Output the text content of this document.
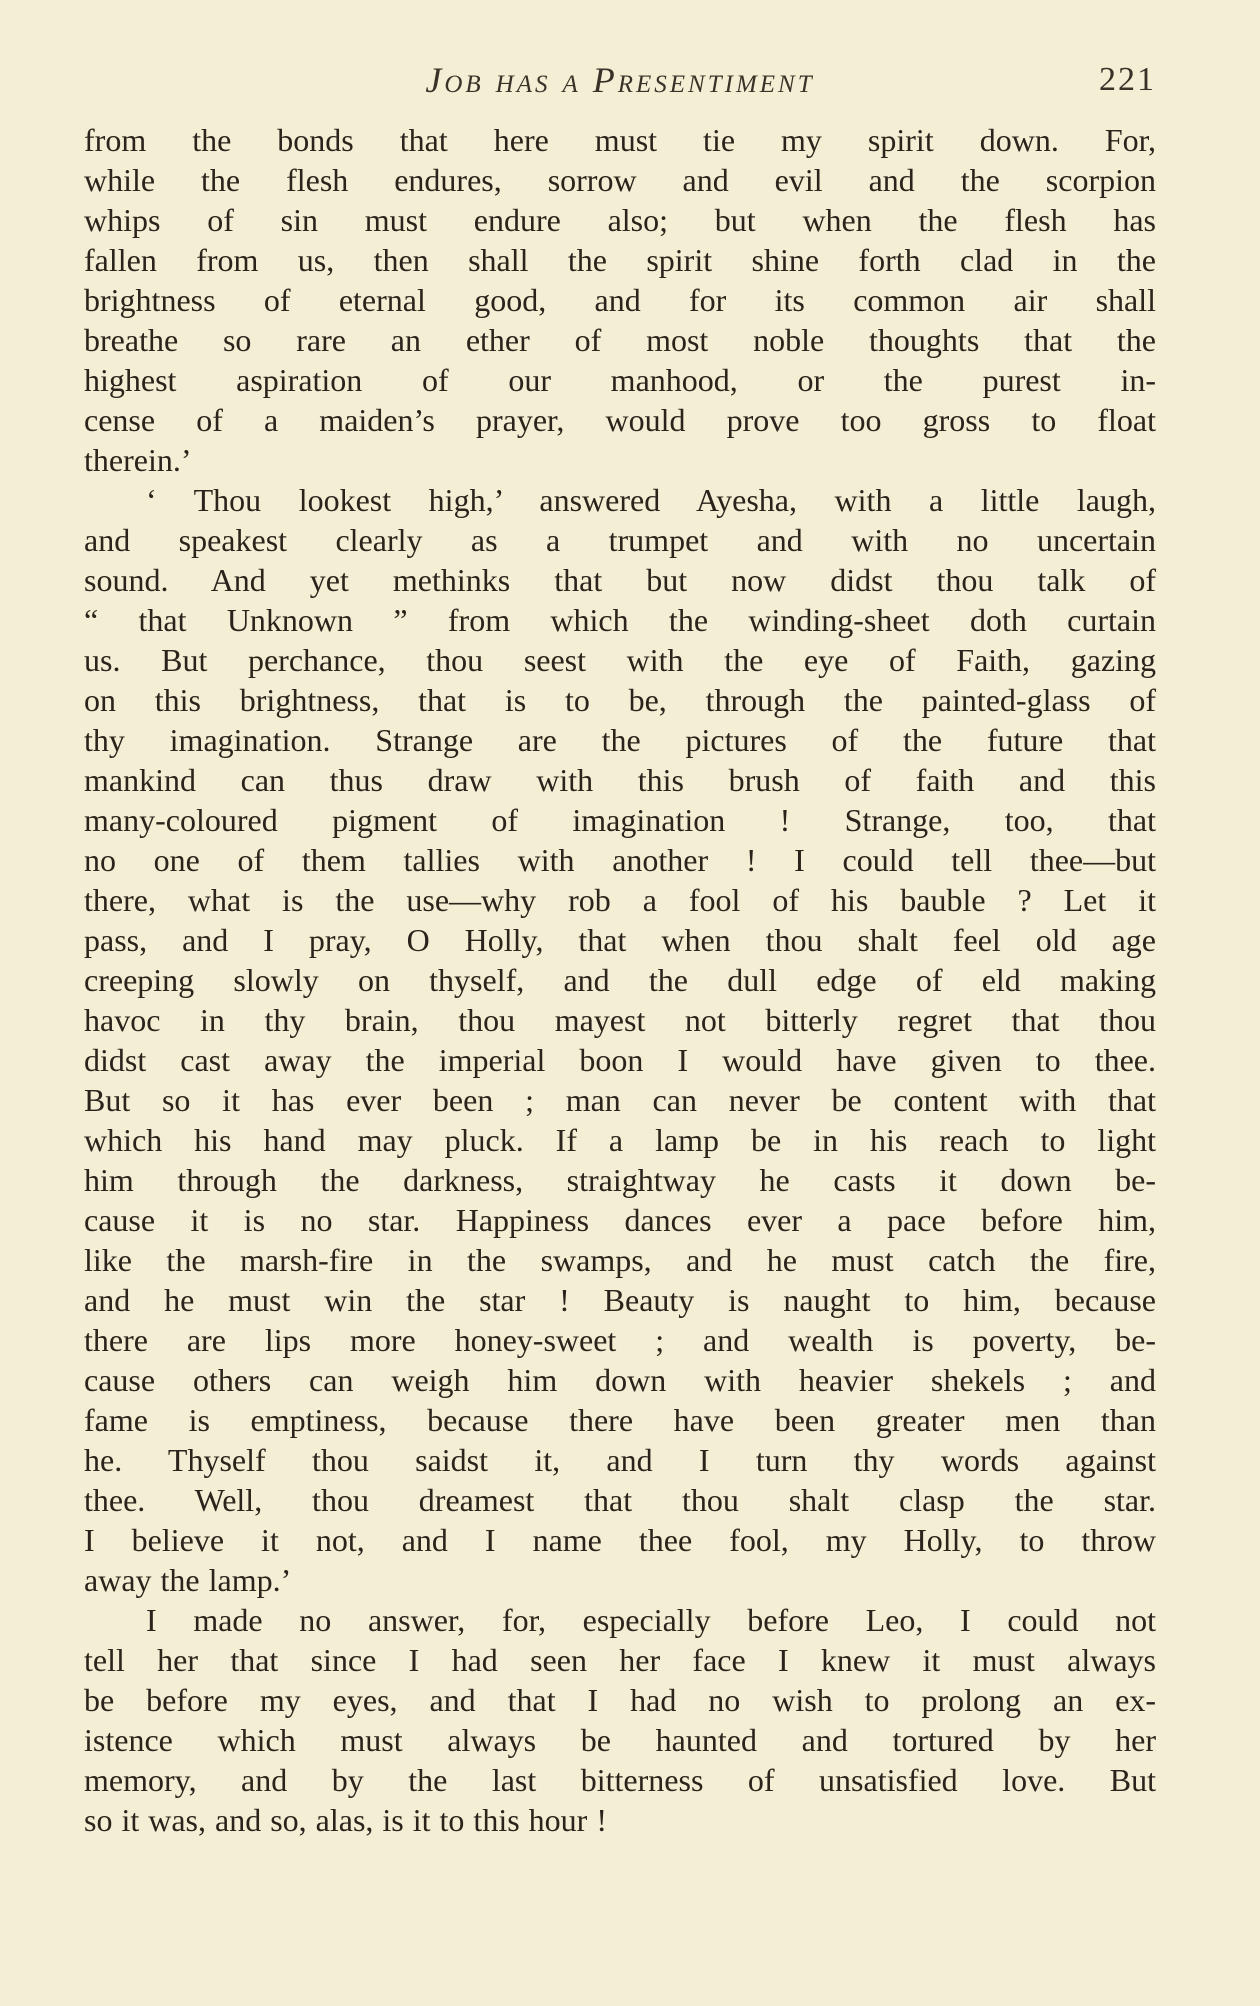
Job has a Presentiment	221
from the bonds that here must tie my spirit down. For,
while the flesh endures, sorrow and evil and the scorpion
whips of sin must endure also; but when the flesh has
fallen from us, then shall the spirit shine forth clad in the
brightness of eternal good, and for its common air shall
breathe so rare an ether of most noble thoughts that the
highest aspiration of our manhood, or the purest in-
cense of a maiden’s prayer, would prove too gross to float
therein.’
‘ Thou lookest high,’ answered Ayesha, with a little laugh,
and speakest clearly as a trumpet and with no uncertain
sound. And yet methinks that but now didst thou talk of
“ that Unknown ” from which the winding-sheet doth curtain
us. But perchance, thou seest with the eye of Faith, gazing
on this brightness, that is to be, through the painted-glass of
thy imagination. Strange are the pictures of the future that
mankind can thus draw with this brush of faith and this
many-coloured pigment of imagination ! Strange, too, that
no one of them tallies with another ! I could tell thee—but
there, what is the use—why rob a fool of his bauble ? Let it
pass, and I pray, O Holly, that when thou shalt feel old age
creeping slowly on thyself, and the dull edge of eld making
havoc in thy brain, thou mayest not bitterly regret that thou
didst cast away the imperial boon I would have given to thee.
But so it has ever been ; man can never be content with that
which his hand may pluck. If a lamp be in his reach to light
him through the darkness, straightway he casts it down be-
cause it is no star. Happiness dances ever a pace before him,
like the marsh-fire in the swamps, and he must catch the fire,
and he must win the star ! Beauty is naught to him, because
there are lips more honey-sweet ; and wealth is poverty, be-
cause others can weigh him down with heavier shekels ; and
fame is emptiness, because there have been greater men than
he. Thyself thou saidst it, and I turn thy words against
thee. Well, thou dreamest that thou shalt clasp the star.
I believe it not, and I name thee fool, my Holly, to throw
away the lamp.’
I made no answer, for, especially before Leo, I could not
tell her that since I had seen her face I knew it must always
be before my eyes, and that I had no wish to prolong an ex-
istence which must always be haunted and tortured by her
memory, and by the last bitterness of unsatisfied love. But
so it was, and so, alas, is it to this hour !
